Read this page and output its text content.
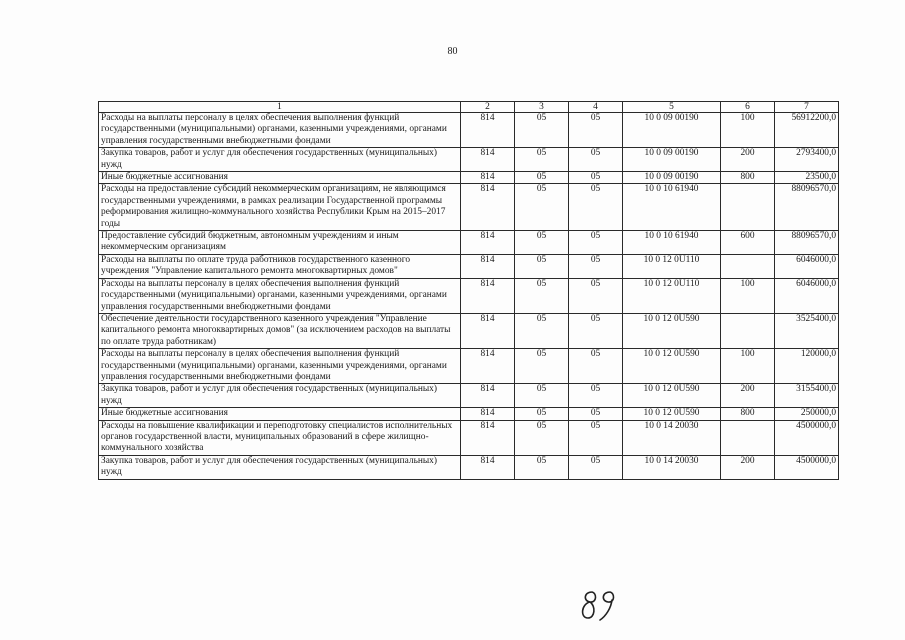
80
1	2	3	4	5	6	7
Расходы на выплаты персоналу в целях обеспечения выполнения функций государственными (муниципальными) органами, казенными учреждениями, органами управления государственными внебюджетными фондами	814	05	05	10 0 09 00190	100	56912200,0
Закупка товаров, работ и услуг для обеспечения государственных (муниципальных) нужд	814	05	05	10 0 09 00190	200	2793400,0
Иные бюджетные ассигнования	814	05	05	10 0 09 00190	800	23500,0
Расходы на предоставление субсидий некоммерческим организациям, не являющимся государственными учреждениями, в рамках реализации Государственной программы реформирования жилищно-коммунального хозяйства Республики Крым на 2015–2017 годы	814	05	05	10 0 10 61940		88096570,0
Предоставление субсидий бюджетным, автономным учреждениям и иным некоммерческим организациям	814	05	05	10 0 10 61940	600	88096570,0
Расходы на выплаты по оплате труда работников государственного казенного учреждения "Управление капитального ремонта многоквартирных домов"	814	05	05	10 0 12 0U110		6046000,0
Расходы на выплаты персоналу в целях обеспечения выполнения функций государственными (муниципальными) органами, казенными учреждениями, органами управления государственными внебюджетными фондами	814	05	05	10 0 12 0U110	100	6046000,0
Обеспечение деятельности государственного казенного учреждения "Управление капитального ремонта многоквартирных домов" (за исключением расходов на выплаты по оплате труда работникам)	814	05	05	10 0 12 0U590		3525400,0
Расходы на выплаты персоналу в целях обеспечения выполнения функций государственными (муниципальными) органами, казенными учреждениями, органами управления государственными внебюджетными фондами	814	05	05	10 0 12 0U590	100	120000,0
Закупка товаров, работ и услуг для обеспечения государственных (муниципальных) нужд	814	05	05	10 0 12 0U590	200	3155400,0
Иные бюджетные ассигнования	814	05	05	10 0 12 0U590	800	250000,0
Расходы на повышение квалификации и переподготовку специалистов исполнительных органов государственной власти, муниципальных образований в сфере жилищно-коммунального хозяйства	814	05	05	10 0 14 20030		4500000,0
Закупка товаров, работ и услуг для обеспечения государственных (муниципальных) нужд	814	05	05	10 0 14 20030	200	4500000,0
